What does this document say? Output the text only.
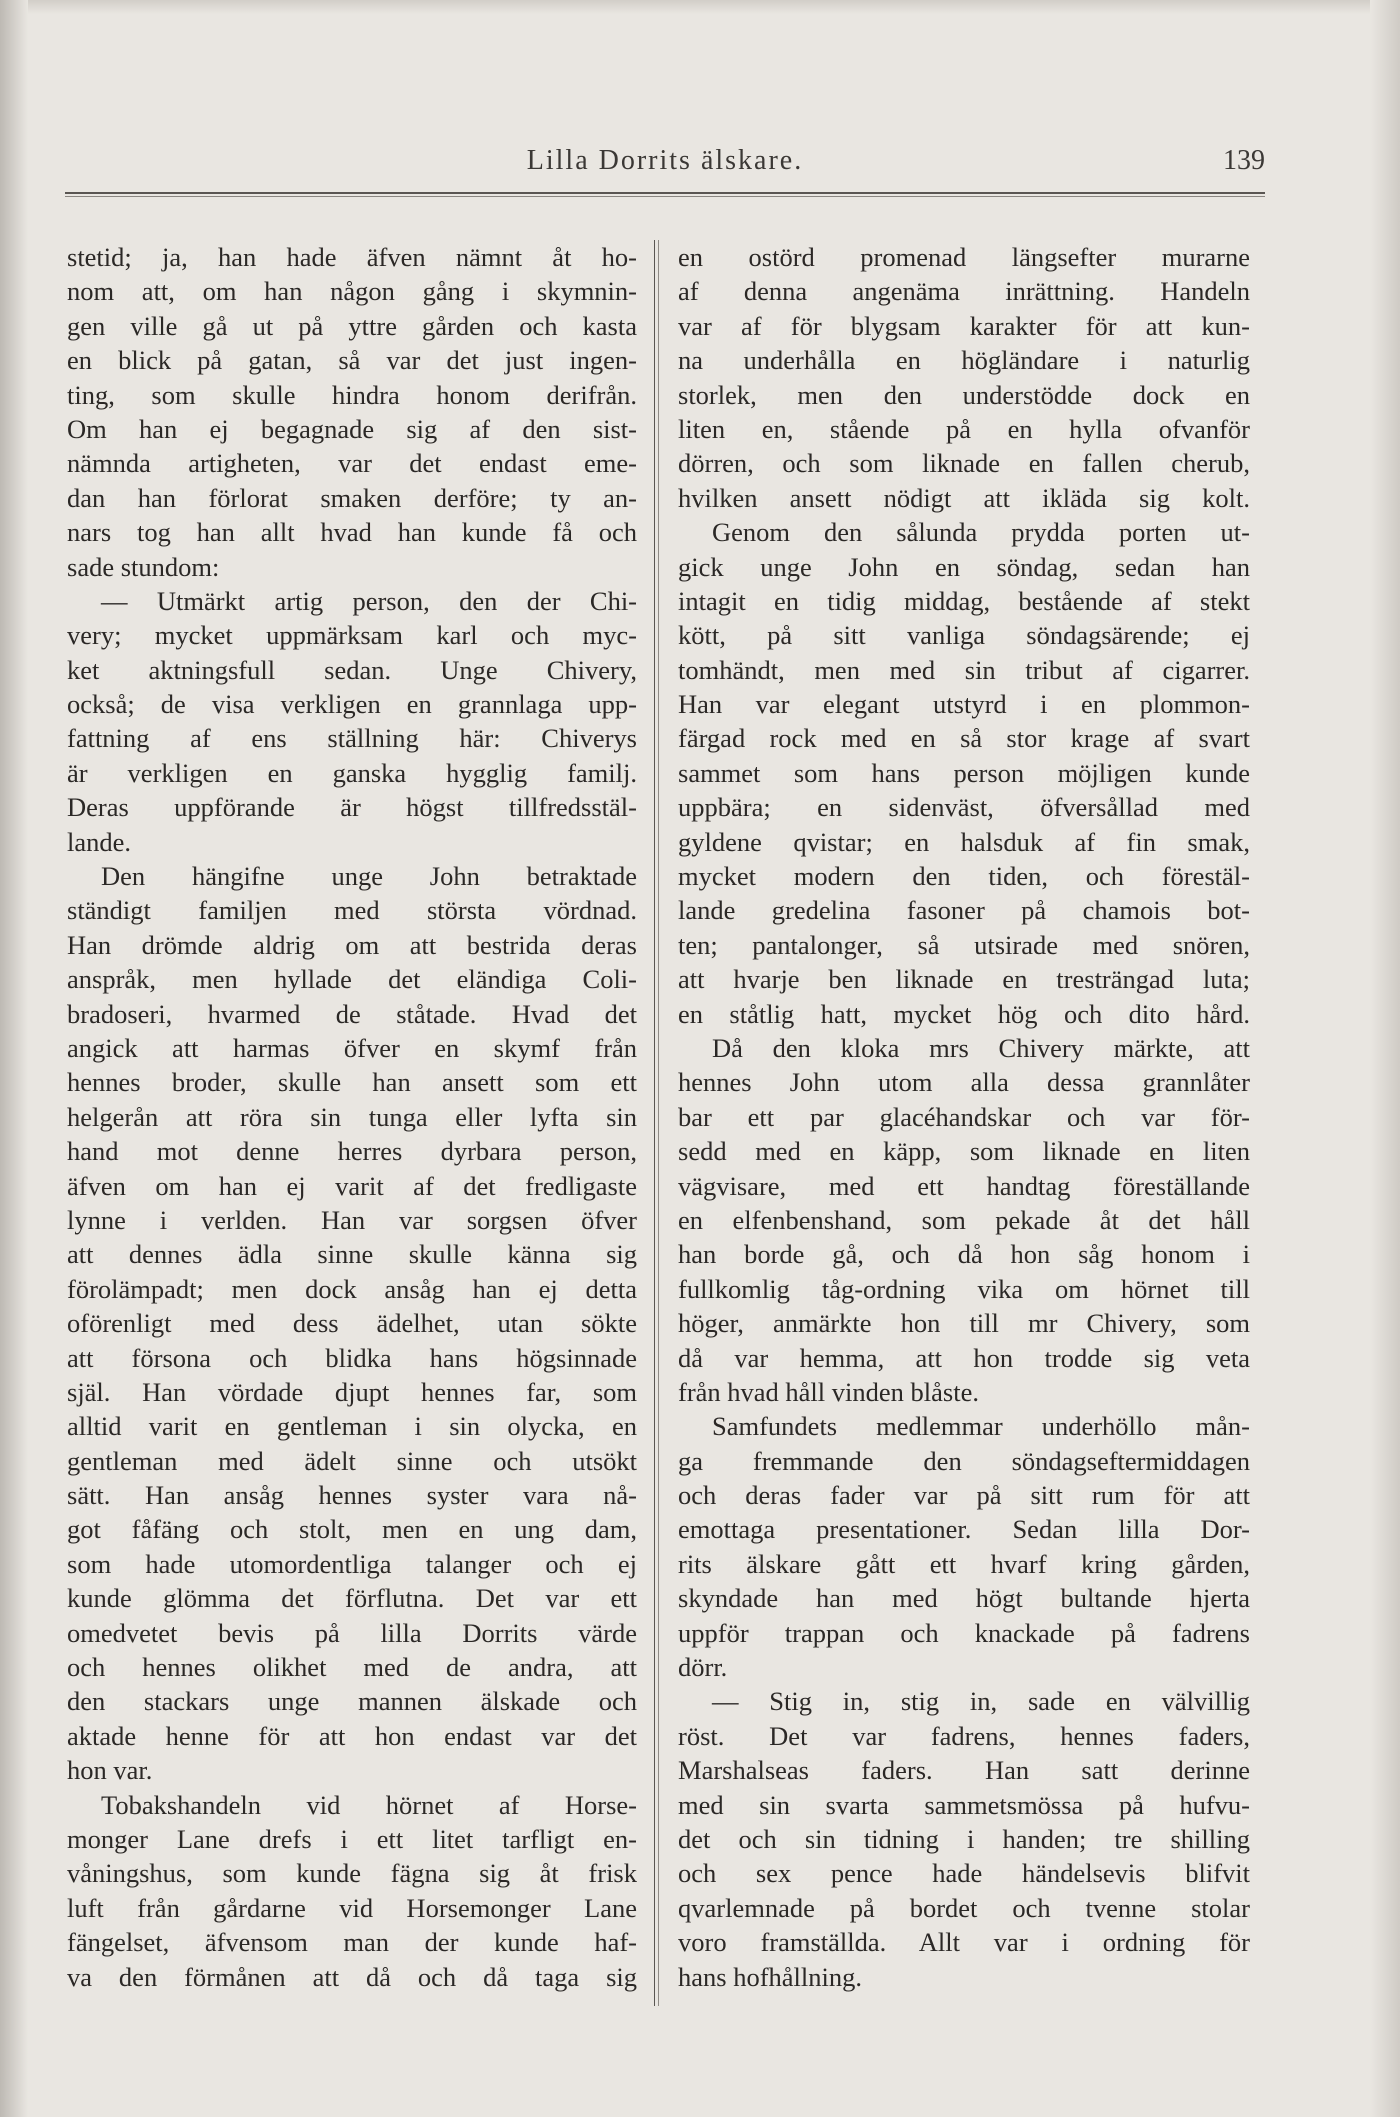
Lilla Dorrits älskare.	139
stetid; ja, han hade äfven nämnt åt ho-
nom att, om han någon gång i skymnin-
gen ville gå ut på yttre gården och kasta
en blick på gatan, så var det just ingen-
ting, som skulle hindra honom derifrån.
Om han ej begagnade sig af den sist-
nämnda artigheten, var det endast eme-
dan han förlorat smaken derföre; ty an-
nars tog han allt hvad han kunde få och
sade stundom:
— Utmärkt artig person, den der Chi-
very; mycket uppmärksam karl och myc-
ket aktningsfull sedan. Unge Chivery,
också; de visa verkligen en grannlaga upp-
fattning af ens ställning här: Chiverys
är verkligen en ganska hygglig familj.
Deras uppförande är högst tillfredsstäl-
lande.
Den hängifne unge John betraktade
ständigt familjen med största vördnad.
Han drömde aldrig om att bestrida deras
anspråk, men hyllade det eländiga Coli-
bradoseri, hvarmed de ståtade. Hvad det
angick att harmas öfver en skymf från
hennes broder, skulle han ansett som ett
helgerån att röra sin tunga eller lyfta sin
hand mot denne herres dyrbara person,
äfven om han ej varit af det fredligaste
lynne i verlden. Han var sorgsen öfver
att dennes ädla sinne skulle känna sig
förolämpadt; men dock ansåg han ej detta
oförenligt med dess ädelhet, utan sökte
att försona och blidka hans högsinnade
själ. Han vördade djupt hennes far, som
alltid varit en gentleman i sin olycka, en
gentleman med ädelt sinne och utsökt
sätt. Han ansåg hennes syster vara nå-
got fåfäng och stolt, men en ung dam,
som hade utomordentliga talanger och ej
kunde glömma det förflutna. Det var ett
omedvetet bevis på lilla Dorrits värde
och hennes olikhet med de andra, att
den stackars unge mannen älskade och
aktade henne för att hon endast var det
hon var.
Tobakshandeln vid hörnet af Horse-
monger Lane drefs i ett litet tarfligt en-
våningshus, som kunde fägna sig åt frisk
luft från gårdarne vid Horsemonger Lane
fängelset, äfvensom man der kunde haf-
va den förmånen att då och då taga sig
en ostörd promenad längsefter murarne
af denna angenäma inrättning. Handeln
var af för blygsam karakter för att kun-
na underhålla en högländare i naturlig
storlek, men den understödde dock en
liten en, stående på en hylla ofvanför
dörren, och som liknade en fallen cherub,
hvilken ansett nödigt att ikläda sig kolt.
Genom den sålunda prydda porten ut-
gick unge John en söndag, sedan han
intagit en tidig middag, bestående af stekt
kött, på sitt vanliga söndagsärende; ej
tomhändt, men med sin tribut af cigarrer.
Han var elegant utstyrd i en plommon-
färgad rock med en så stor krage af svart
sammet som hans person möjligen kunde
uppbära; en sidenväst, öfversållad med
gyldene qvistar; en halsduk af fin smak,
mycket modern den tiden, och förestäl-
lande gredelina fasoner på chamois bot-
ten; pantalonger, så utsirade med snören,
att hvarje ben liknade en tresträngad luta;
en ståtlig hatt, mycket hög och dito hård.
Då den kloka mrs Chivery märkte, att
hennes John utom alla dessa grannlåter
bar ett par glacéhandskar och var för-
sedd med en käpp, som liknade en liten
vägvisare, med ett handtag föreställande
en elfenbenshand, som pekade åt det håll
han borde gå, och då hon såg honom i
fullkomlig tåg-ordning vika om hörnet till
höger, anmärkte hon till mr Chivery, som
då var hemma, att hon trodde sig veta
från hvad håll vinden blåste.
Samfundets medlemmar underhöllo mån-
ga fremmande den söndagseftermiddagen
och deras fader var på sitt rum för att
emottaga presentationer. Sedan lilla Dor-
rits älskare gått ett hvarf kring gården,
skyndade han med högt bultande hjerta
uppför trappan och knackade på fadrens
dörr.
— Stig in, stig in, sade en välvillig
röst. Det var fadrens, hennes faders,
Marshalseas faders. Han satt derinne
med sin svarta sammetsmössa på hufvu-
det och sin tidning i handen; tre shilling
och sex pence hade händelsevis blifvit
qvarlemnade på bordet och tvenne stolar
voro framställda. Allt var i ordning för
hans hofhållning.
